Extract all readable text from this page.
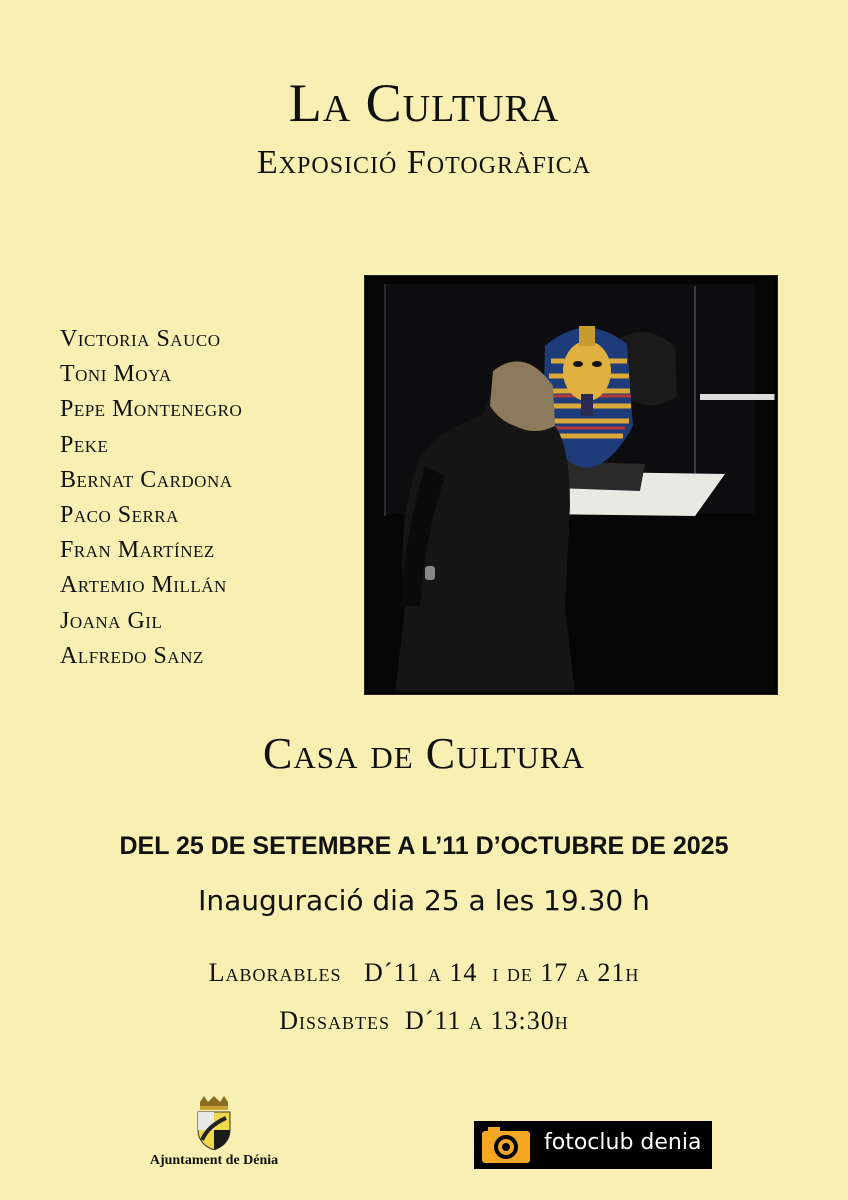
La Cultura
Exposició Fotogràfica
Victoria Sauco
Toni Moya
Pepe Montenegro
Peke
Bernat Cardona
Paco Serra
Fran Martínez
Artemio Millán
Joana Gil
Alfredo Sanz
Casa de Cultura
DEL 25 DE SETEMBRE A L’11 D’OCTUBRE DE 2025
Inauguració dia 25 a les 19.30 h
Laborables   D´11 a 14  i de 17 a 21h
Dissabtes  D´11 a 13:30h
Ajuntament de Dénia
fotoclub denia
